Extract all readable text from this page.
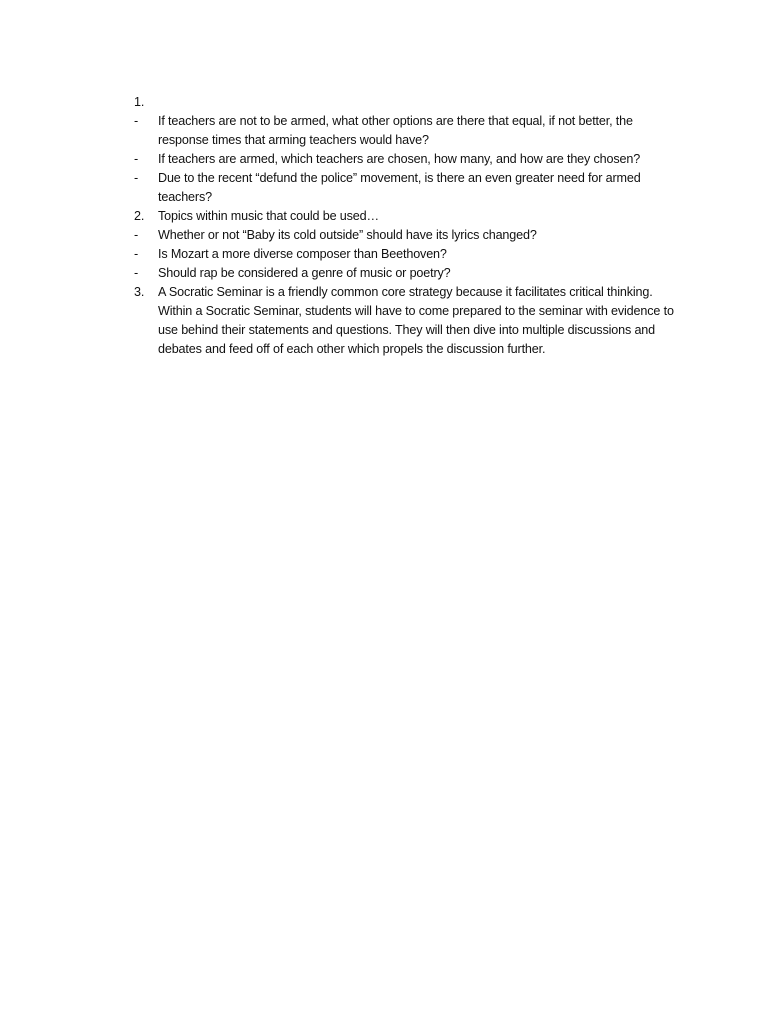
1.
-	If teachers are not to be armed, what other options are there that equal, if not better, the response times that arming teachers would have?
-	If teachers are armed, which teachers are chosen, how many, and how are they chosen?
-	Due to the recent “defund the police” movement, is there an even greater need for armed teachers?
2.	Topics within music that could be used…
-	Whether or not “Baby its cold outside” should have its lyrics changed?
-	Is Mozart a more diverse composer than Beethoven?
-	Should rap be considered a genre of music or poetry?
3.	A Socratic Seminar is a friendly common core strategy because it facilitates critical thinking. Within a Socratic Seminar, students will have to come prepared to the seminar with evidence to use behind their statements and questions. They will then dive into multiple discussions and debates and feed off of each other which propels the discussion further.
